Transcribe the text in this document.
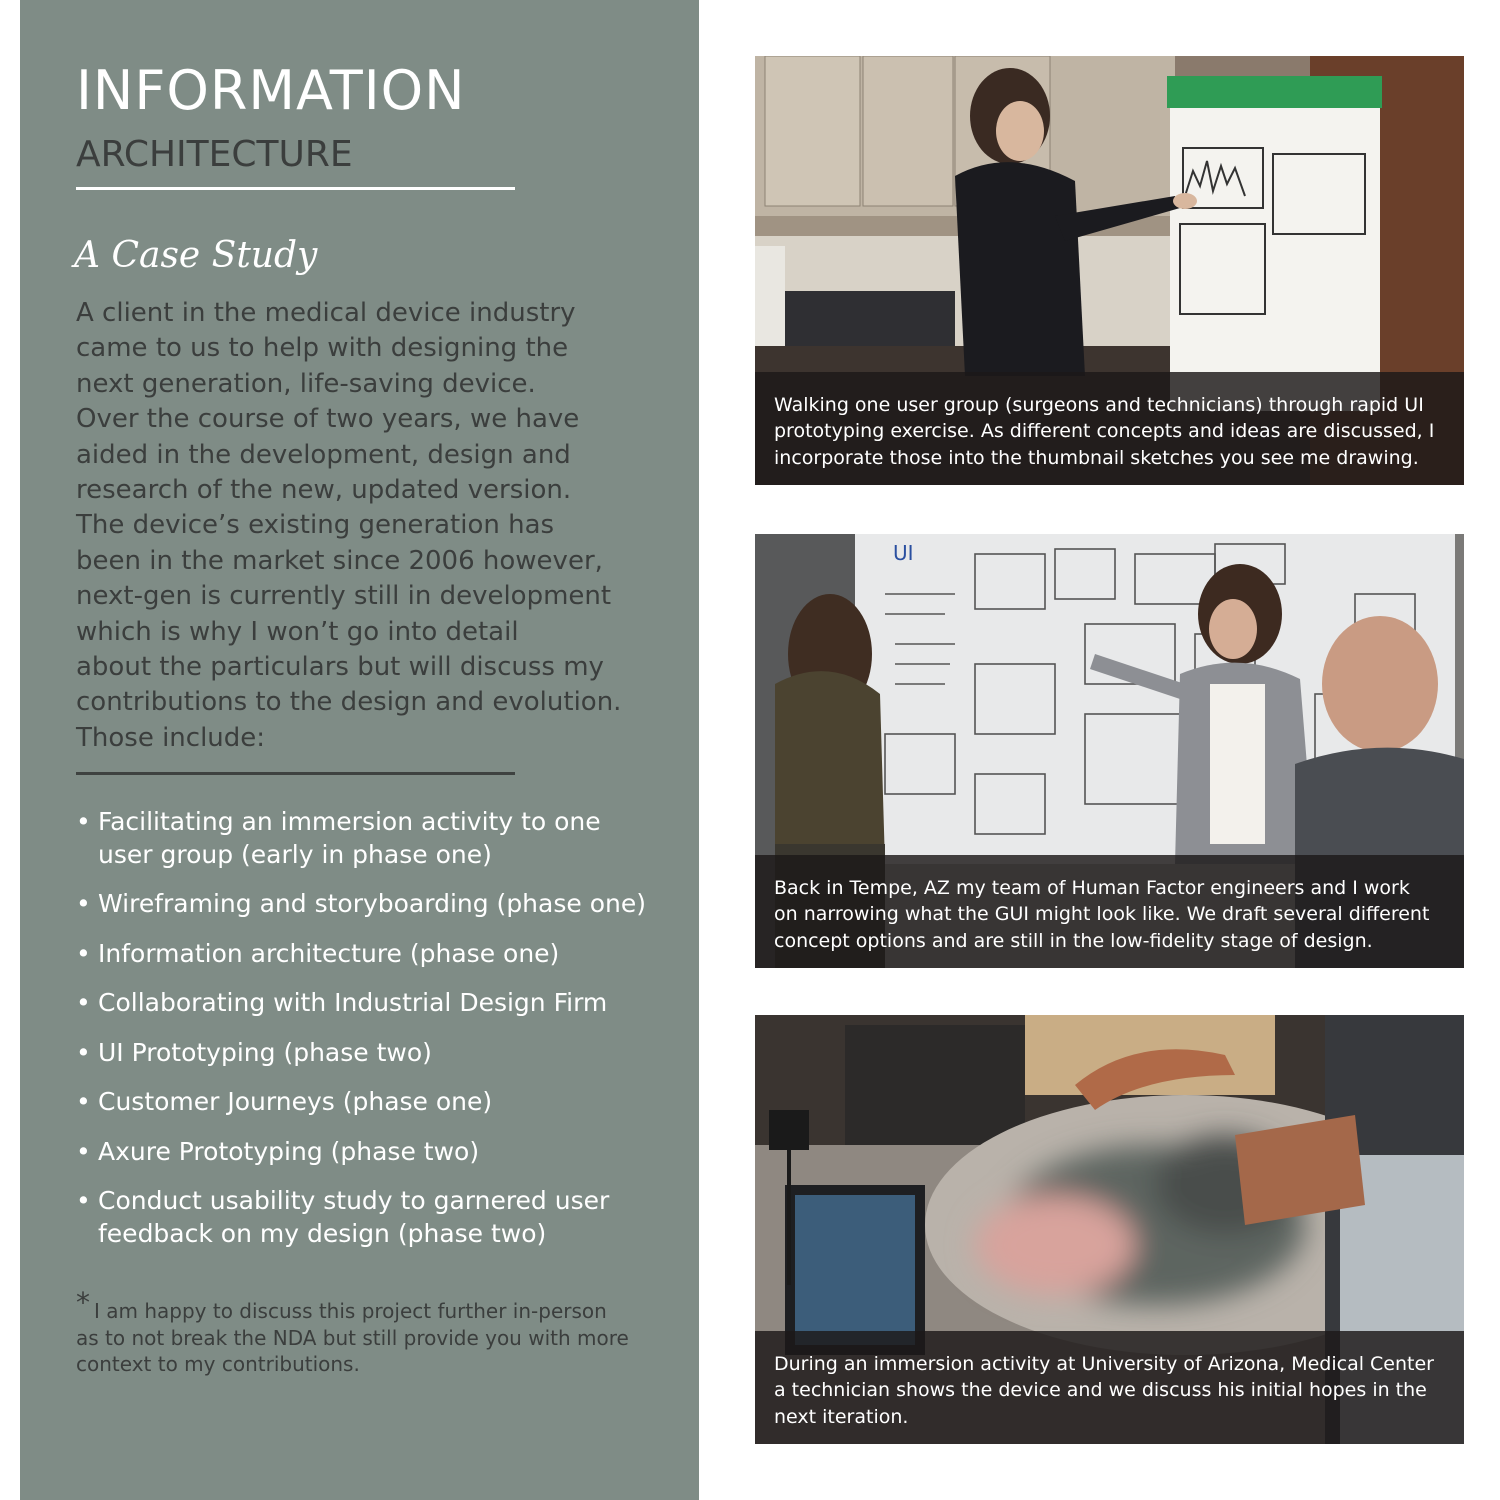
INFORMATION
ARCHITECTURE
A Case Study

A client in the medical device industry
came to us to help with designing the
next generation, life-saving device.
Over the course of two years, we have
aided in the development, design and
research of the new, updated version.
The device’s existing generation has
been in the market since 2006 however,
next-gen is currently still in development
which is why I won’t go into detail
about the particulars but will discuss my
contributions to the design and evolution.
Those include:

• Facilitating an immersion activity to one
user group (early in phase one)
• Wireframing and storyboarding (phase one)
• Information architecture (phase one)
• Collaborating with Industrial Design Firm
• UI Prototyping (phase two)
• Customer Journeys (phase one)
• Axure Prototyping (phase two)
• Conduct usability study to garnered user
feedback on my design (phase two)

* I am happy to discuss this project further in-person
as to not break the NDA but still provide you with more
context to my contributions.

Walking one user group (surgeons and technicians) through rapid UI
prototyping exercise. As different concepts and ideas are discussed, I
incorporate those into the thumbnail sketches you see me drawing.
UI
Back in Tempe, AZ my team of Human Factor engineers and I work
on narrowing what the GUI might look like. We draft several different
concept options and are still in the low-fidelity stage of design.
During an immersion activity at University of Arizona, Medical Center
a technician shows the device and we discuss his initial hopes in the
next iteration.
